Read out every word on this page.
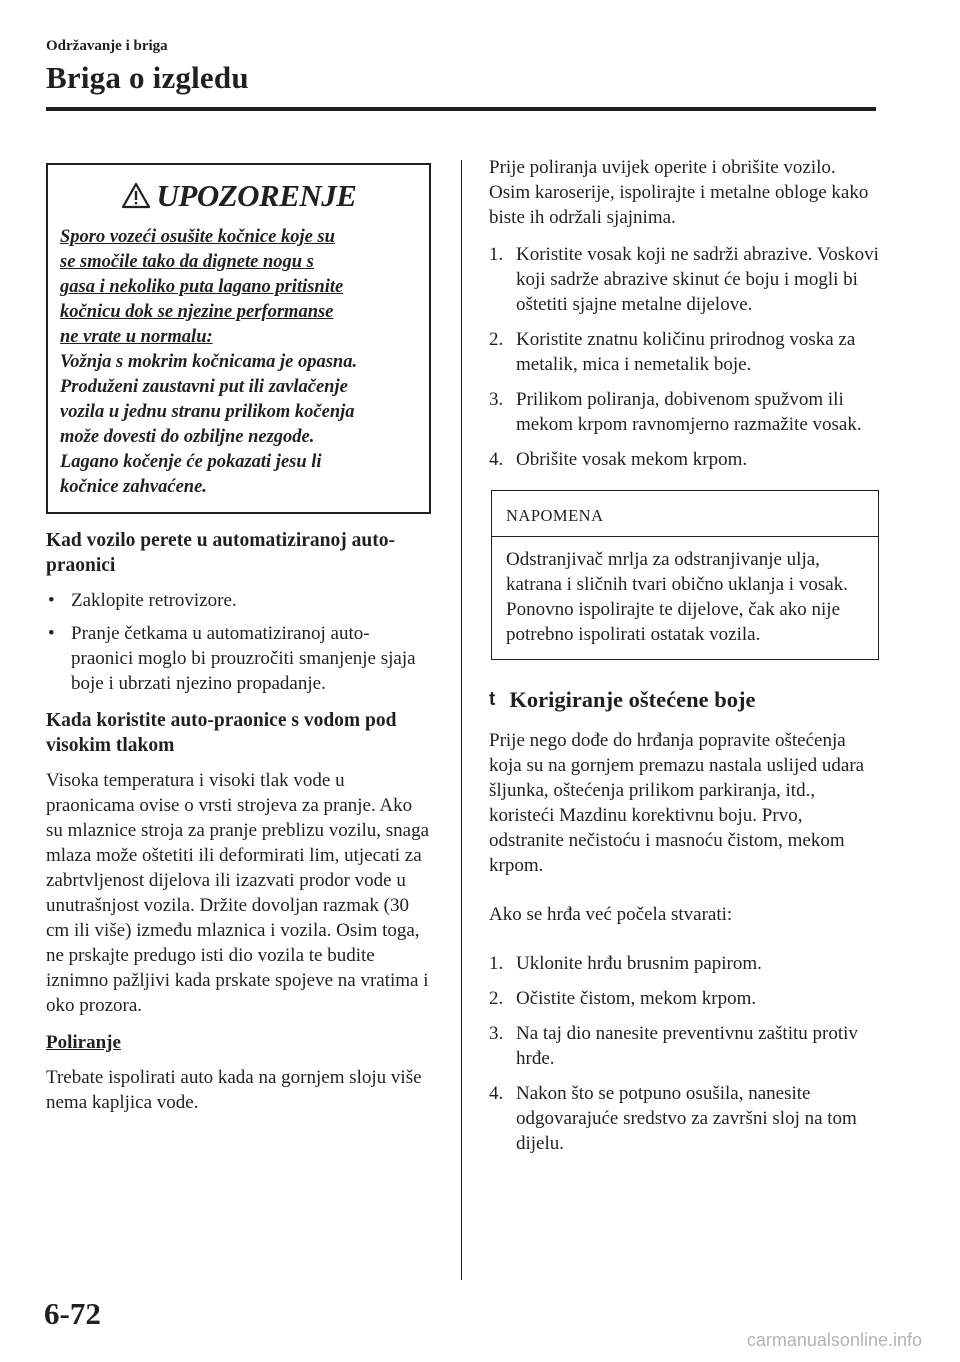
Održavanje i briga
Briga o izgledu
UPOZORENJE

Sporo vozeći osušite kočnice koje su

se smočile tako da dignete nogu s

gasa i nekoliko puta lagano pritisnite

kočnicu dok se njezine performanse

ne vrate u normalu:

Vožnja s mokrim kočnicama je opasna.

Produženi zaustavni put ili zavlačenje

vozila u jednu stranu prilikom kočenja

može dovesti do ozbiljne nezgode.

Lagano kočenje će pokazati jesu li

kočnice zahvaćene.

Kad vozilo perete u automatiziranoj auto-praonici
• Zaklopite retrovizore.
• Pranje četkama u automatiziranoj auto-praonici moglo bi prouzročiti smanjenje sjaja boje i ubrzati njezino propadanje.
Kada koristite auto-praonice s vodom pod visokim tlakom

Visoka temperatura i visoki tlak vode u praonicama ovise o vrsti strojeva za pranje. Ako su mlaznice stroja za pranje preblizu vozilu, snaga mlaza može oštetiti ili deformirati lim, utjecati za zabrtvljenost dijelova ili izazvati prodor vode u unutrašnjost vozila. Držite dovoljan razmak (30 cm ili više) između mlaznica i vozila. Osim toga, ne prskajte predugo isti dio vozila te budite iznimno pažljivi kada prskate spojeve na vratima i oko prozora.

Poliranje

Trebate ispolirati auto kada na gornjem sloju više nema kapljica vode.

Prije poliranja uvijek operite i obrišite vozilo. Osim karoserije, ispolirajte i metalne obloge kako biste ih održali sjajnima.

1. Koristite vosak koji ne sadrži abrazive. Voskovi koji sadrže abrazive skinut će boju i mogli bi oštetiti sjajne metalne dijelove.
2. Koristite znatnu količinu prirodnog voska za metalik, mica i nemetalik boje.
3. Prilikom poliranja, dobivenom spužvom ili mekom krpom ravnomjerno razmažite vosak.
4. Obrišite vosak mekom krpom.
NAPOMENA
Odstranjivač mrlja za odstranjivanje ulja, katrana i sličnih tvari obično uklanja i vosak. Ponovno ispolirajte te dijelove, čak ako nije potrebno ispolirati ostatak vozila.
t Korigiranje oštećene boje

Prije nego dođe do hrđanja popravite oštećenja koja su na gornjem premazu nastala uslijed udara šljunka, oštećenja prilikom parkiranja, itd., koristeći Mazdinu korektivnu boju. Prvo, odstranite nečistoću i masnoću čistom, mekom krpom.

Ako se hrđa već počela stvarati:

1. Uklonite hrđu brusnim papirom.
2. Očistite čistom, mekom krpom.
3. Na taj dio nanesite preventivnu zaštitu protiv hrđe.
4. Nakon što se potpuno osušila, nanesite odgovarajuće sredstvo za završni sloj na tom dijelu.
6-72
carmanualsonline.info
